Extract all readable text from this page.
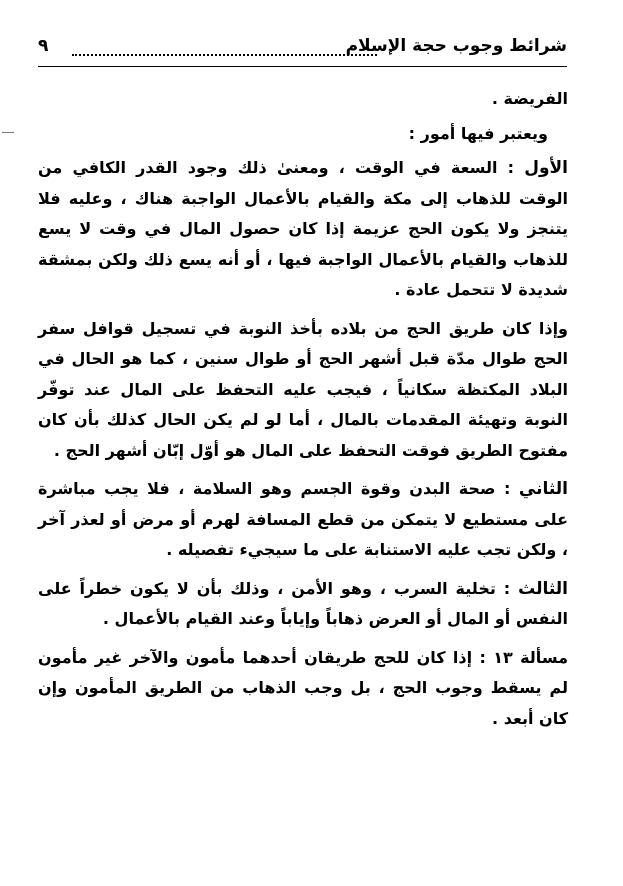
شرائط وجوب حجة الإسلام
٩

الفريضة .

ويعتبر فيها أمور :

الأول : السعة في الوقت ، ومعنىٰ ذلك وجود القدر الكافي من الوقت للذهاب إلى مكة والقيام بالأعمال الواجبة هناك ، وعليه فلا يتنجز ولا يكون الحج عزيمة إذا كان حصول المال في وقت لا يسع للذهاب والقيام بالأعمال الواجبة فيها ، أو أنه يسع ذلك ولكن بمشقة شديدة لا تتحمل عادة .

وإذا كان طريق الحج من بلاده بأخذ النوبة في تسجيل قوافل سفر الحج طوال مدّة قبل أشهر الحج أو طوال سنين ، كما هو الحال في البلاد المكتظة سكانياً ، فيجب عليه التحفظ على المال عند توفّر النوبة وتهيئة المقدمات بالمال ، أما لو لم يكن الحال كذلك بأن كان مفتوح الطريق فوقت التحفظ على المال هو أوّل إبّان أشهر الحج .

الثاني : صحة البدن وقوة الجسم وهو السلامة ، فلا يجب مباشرة على مستطيع لا يتمكن من قطع المسافة لهرم أو مرض أو لعذر آخر ، ولكن تجب عليه الاستنابة على ما سيجيء تفصيله .

الثالث : تخلية السرب ، وهو الأمن ، وذلك بأن لا يكون خطراً على النفس أو المال أو العرض ذهاباً وإياباً وعند القيام بالأعمال .

مسألة ١٣ : إذا كان للحج طريقان أحدهما مأمون والآخر غير مأمون لم يسقط وجوب الحج ، بل وجب الذهاب من الطريق المأمون وإن كان أبعد .
